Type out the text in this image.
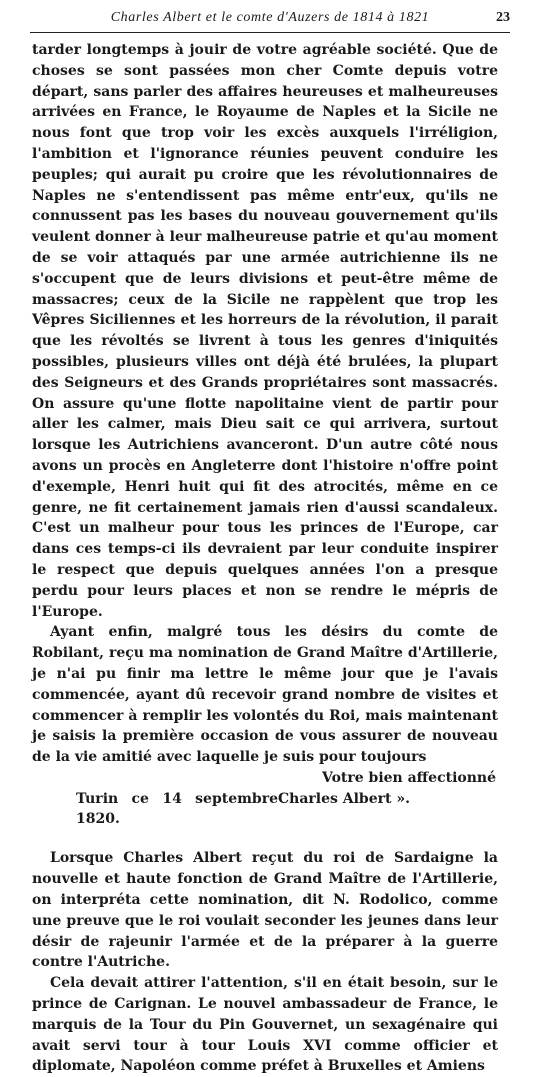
Charles Albert et le comte d'Auzers de 1814 à 1821	23

tarder longtemps à jouir de votre agréable société. Que de choses se sont passées mon cher Comte depuis votre départ, sans parler des affaires heureuses et malheureuses arrivées en France, le Royaume de Naples et la Sicile ne nous font que trop voir les excès auxquels l'irréligion, l'ambition et l'ignorance réunies peuvent conduire les peuples; qui aurait pu croire que les révolutionnaires de Naples ne s'entendissent pas même entr'eux, qu'ils ne connussent pas les bases du nouveau gouvernement qu'ils veulent donner à leur malheureuse patrie et qu'au moment de se voir attaqués par une armée autrichienne ils ne s'occupent que de leurs divisions et peut-être même de massacres; ceux de la Sicile ne rappèlent que trop les Vêpres Siciliennes et les horreurs de la révolution, il parait que les révoltés se livrent à tous les genres d'iniquités possibles, plusieurs villes ont déjà été brulées, la plupart des Seigneurs et des Grands propriétaires sont massacrés. On assure qu'une flotte napolitaine vient de partir pour aller les calmer, mais Dieu sait ce qui arrivera, surtout lorsque les Autrichiens avanceront. D'un autre côté nous avons un procès en Angleterre dont l'histoire n'offre point d'exemple, Henri huit qui fit des atrocités, même en ce genre, ne fit certainement jamais rien d'aussi scandaleux. C'est un malheur pour tous les princes de l'Europe, car dans ces temps-ci ils devraient par leur conduite inspirer le respect que depuis quelques années l'on a presque perdu pour leurs places et non se rendre le mépris de l'Europe.

Ayant enfin, malgré tous les désirs du comte de Robilant, reçu ma nomination de Grand Maître d'Artillerie, je n'ai pu finir ma lettre le même jour que je l'avais commencée, ayant dû recevoir grand nombre de visites et commencer à remplir les volontés du Roi, mais maintenant je saisis la première occasion de vous assurer de nouveau de la vie amitié avec laquelle je suis pour toujours

Votre bien affectionné
Turin ce 14 septembre 1820.
Charles Albert ».

Lorsque Charles Albert reçut du roi de Sardaigne la nouvelle et haute fonction de Grand Maître de l'Artillerie, on interpréta cette nomination, dit N. Rodolico, comme une preuve que le roi voulait seconder les jeunes dans leur désir de rajeunir l'armée et de la préparer à la guerre contre l'Autriche.

Cela devait attirer l'attention, s'il en était besoin, sur le prince de Carignan. Le nouvel ambassadeur de France, le marquis de la Tour du Pin Gouvernet, un sexagénaire qui avait servi tour à tour Louis XVI comme officier et diplomate, Napoléon comme préfet à Bruxelles et Amiens
